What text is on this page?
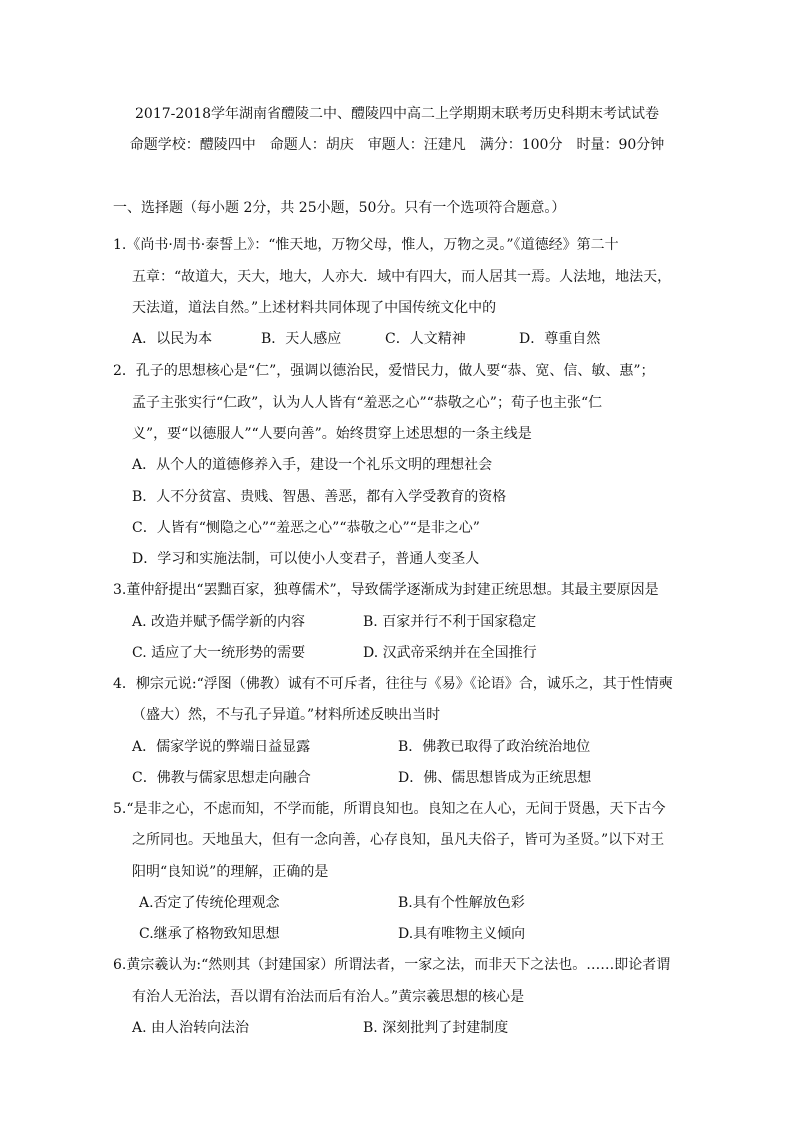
2017-2018学年湖南省醴陵二中、醴陵四中高二上学期期末联考历史科期末考试试卷
命题学校：醴陵四中　命题人：胡庆　审题人：汪建凡　满分：100分　时量：90分钟
一、选择题（每小题 2分，共 25小题，50分。只有一个选项符合题意。）
1.《尚书·周书·泰誓上》：“惟天地，万物父母，惟人，万物之灵。”《道德经》第二十
五章：“故道大，天大，地大，人亦大．域中有四大，而人居其一焉。人法地，地法天，
天法道，道法自然。”上述材料共同体现了中国传统文化中的
A．以民为本	B．天人感应	C．人文精神	D．尊重自然
2．孔子的思想核心是“仁”，强调以德治民，爱惜民力，做人要“恭、宽、信、敏、惠”；
孟子主张实行“仁政”，认为人人皆有“羞恶之心”“恭敬之心”；荀子也主张“仁
义”，要“以德服人”“人要向善”。始终贯穿上述思想的一条主线是
A．从个人的道德修养入手，建设一个礼乐文明的理想社会
B．人不分贫富、贵贱、智愚、善恶，都有入学受教育的资格
C．人皆有“恻隐之心”“羞恶之心”“恭敬之心”“是非之心”
D．学习和实施法制，可以使小人变君子，普通人变圣人
3.董仲舒提出“罢黜百家，独尊儒术”，导致儒学逐渐成为封建正统思想。其最主要原因是
A. 改造并赋予儒学新的内容	B. 百家并行不利于国家稳定
C. 适应了大一统形势的需要	D. 汉武帝采纳并在全国推行
4．柳宗元说:“浮图（佛教）诚有不可斥者，往往与《易》《论语》合，诚乐之，其于性情奭
（盛大）然，不与孔子异道。”材料所述反映出当时
A．儒家学说的弊端日益显露	B．佛教已取得了政治统治地位
C．佛教与儒家思想走向融合	D．佛、儒思想皆成为正统思想
5.“是非之心，不虑而知，不学而能，所谓良知也。良知之在人心，无间于贤愚，天下古今
之所同也。天地虽大，但有一念向善，心存良知，虽凡夫俗子，皆可为圣贤。”以下对王
阳明“良知说”的理解，正确的是
A.否定了传统伦理观念	B.具有个性解放色彩
C.继承了格物致知思想	D.具有唯物主义倾向
6.黄宗羲认为:“然则其（封建国家）所谓法者，一家之法，而非天下之法也。……即论者谓
有治人无治法，吾以谓有治法而后有治人。”黄宗羲思想的核心是
A. 由人治转向法治	B. 深刻批判了封建制度
